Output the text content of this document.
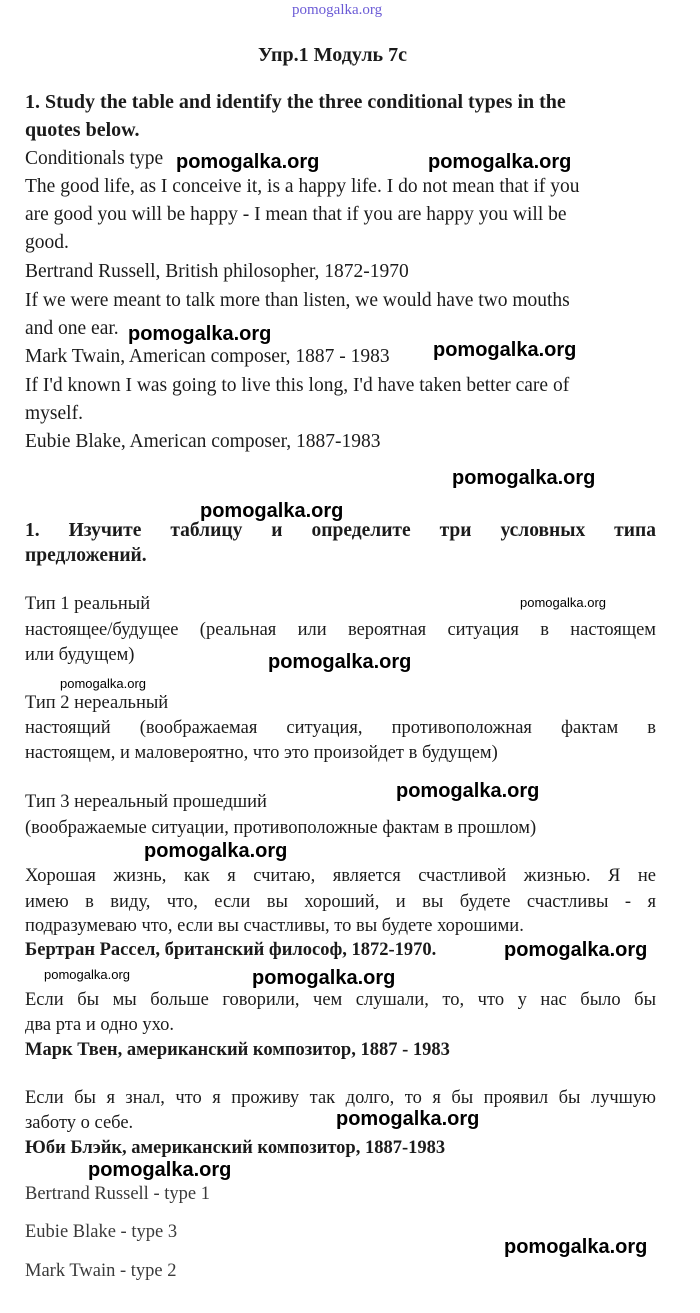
pomogalka.org
Упр.1 Модуль 7с
1. Study the table and identify the three conditional types in the
quotes below.
Conditionals type
The good life, as I conceive it, is a happy life. I do not mean that if you
are good you will be happy - I mean that if you are happy you will be
good.
Bertrand Russell, British philosopher, 1872-1970
If we were meant to talk more than listen, we would have two mouths
and one ear.
Mark Twain, American composer, 1887 - 1983
If I'd known I was going to live this long, I'd have taken better care of
myself.
Eubie Blake, American composer, 1887-1983
1. Изучите таблицу и определите три условных типа
предложений.
Тип 1 реальный
настоящее/будущее (реальная или вероятная ситуация в настоящем
или будущем)
Тип 2 нереальный
настоящий (воображаемая ситуация, противоположная фактам в
настоящем, и маловероятно, что это произойдет в будущем)
Тип 3 нереальный прошедший
(воображаемые ситуации, противоположные фактам в прошлом)
Хорошая жизнь, как я считаю, является счастливой жизнью. Я не
имею в виду, что, если вы хороший, и вы будете счастливы - я
подразумеваю что, если вы счастливы, то вы будете хорошими.
Бертран Рассел, британский философ, 1872-1970.
Если бы мы больше говорили, чем слушали, то, что у нас было бы
два рта и одно ухо.
Марк Твен, американский композитор, 1887 - 1983
Если бы я знал, что я проживу так долго, то я бы проявил бы лучшую
заботу о себе.
Юби Блэйк, американский композитор, 1887-1983
Bertrand Russell - type 1
Eubie Blake - type 3
Mark Twain - type 2
pomogalka.org	pomogalka.org
pomogalka.org
pomogalka.org
pomogalka.org
pomogalka.org
pomogalka.org
pomogalka.org
pomogalka.org
pomogalka.org
pomogalka.org
pomogalka.org
pomogalka.org	pomogalka.org
pomogalka.org
pomogalka.org
pomogalka.org
